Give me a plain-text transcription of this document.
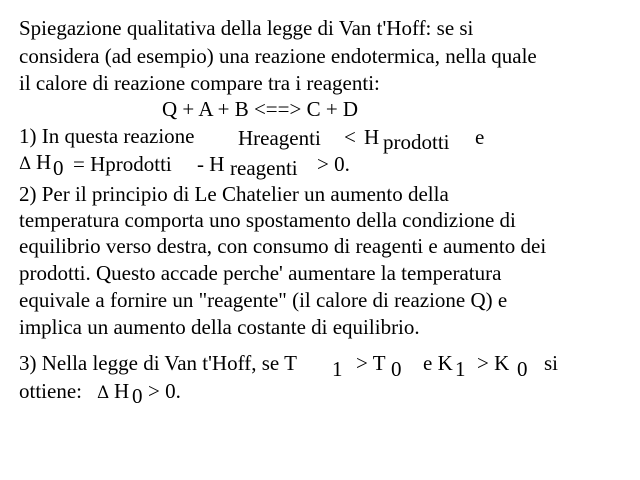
Spiegazione qualitativa della legge di Van t'Hoff: se si
considera (ad esempio) una reazione endotermica, nella quale
il calore di reazione compare tra i reagenti:
Q + A + B <==> C + D
1) In questa reazione Hreagenti < H prodotti e
Δ H 0 = Hprodotti - H reagenti > 0.
2) Per il principio di Le Chatelier un aumento della
temperatura comporta uno spostamento della condizione di
equilibrio verso destra, con consumo di reagenti e aumento dei
prodotti. Questo accade perche' aumentare la temperatura
equivale a fornire un "reagente" (il calore di reazione Q) e
implica un aumento della costante di equilibrio.
3) Nella legge di Van t'Hoff, se T 1 > T 0 e K 1 > K 0 si
ottiene: Δ H 0 > 0.
